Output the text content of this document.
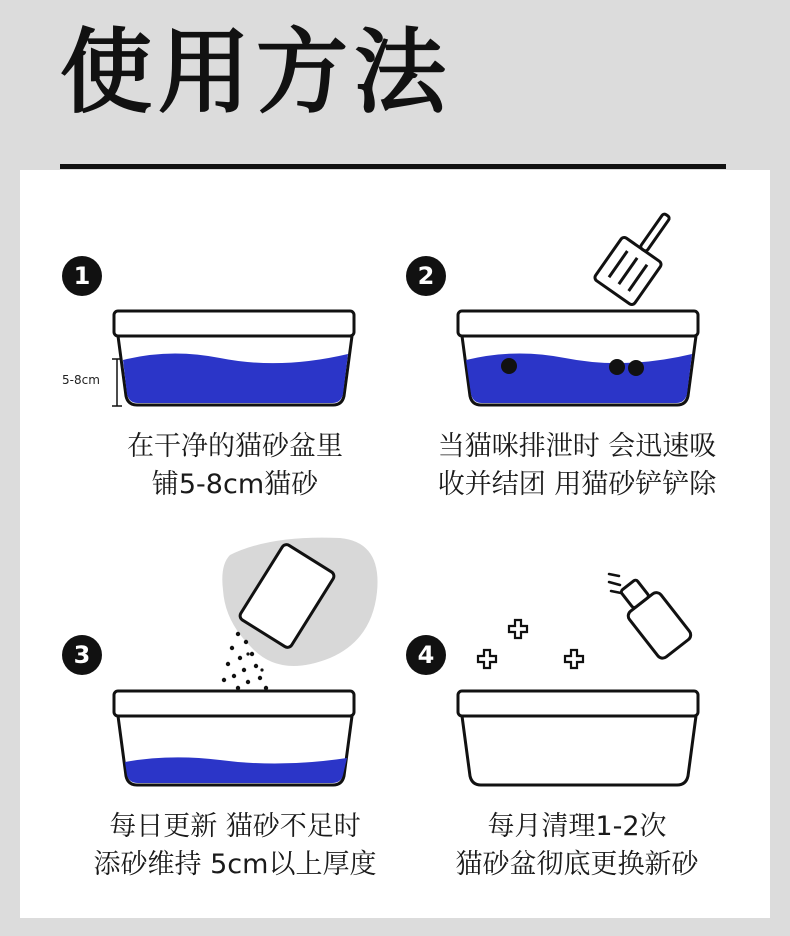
使用方法
1
5-8cm
在干净的猫砂盆里
铺5-8cm猫砂
2
当猫咪排泄时 会迅速吸
收并结团 用猫砂铲铲除
3
每日更新 猫砂不足时
添砂维持 5cm以上厚度
4
每月清理1-2次
猫砂盆彻底更换新砂
